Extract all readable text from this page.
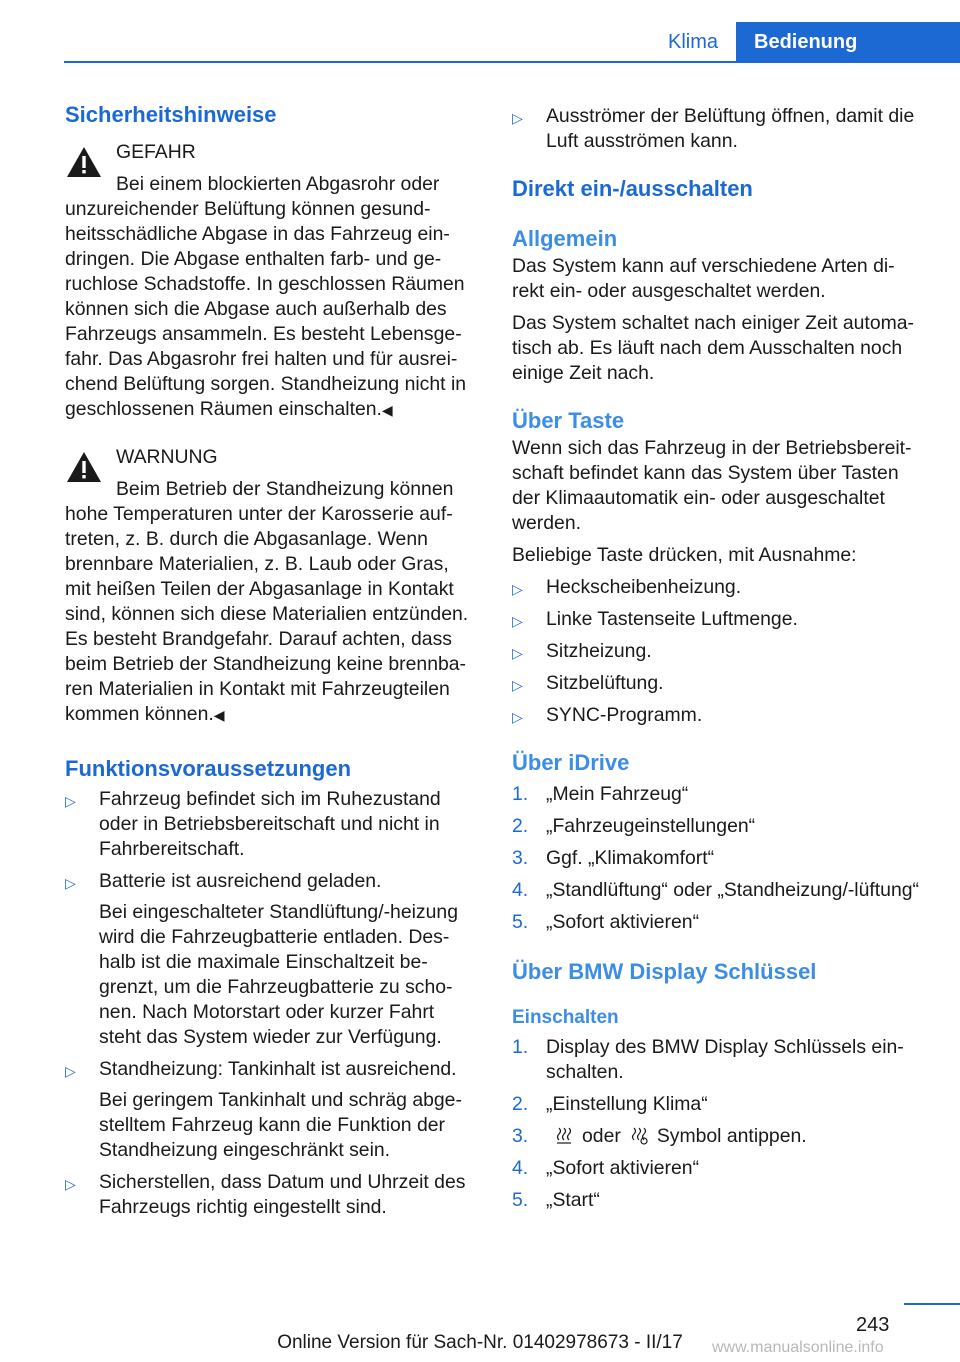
Klima	Bedienung
Sicherheitshinweise

GEFAHR

Bei einem blockierten Abgasrohr oder unzureichender Belüftung können gesund‐heitsschädliche Abgase in das Fahrzeug ein‐dringen. Die Abgase enthalten farb- und ge‐ruchlose Schadstoffe. In geschlossen Räumen können sich die Abgase auch außerhalb des Fahrzeugs ansammeln. Es besteht Lebensge‐fahr. Das Abgasrohr frei halten und für ausrei‐chend Belüftung sorgen. Standheizung nicht in geschlossenen Räumen einschalten.◀

WARNUNG

Beim Betrieb der Standheizung können hohe Temperaturen unter der Karosserie auf‐treten, z. B. durch die Abgasanlage. Wenn brennbare Materialien, z. B. Laub oder Gras, mit heißen Teilen der Abgasanlage in Kontakt sind, können sich diese Materialien entzünden. Es besteht Brandgefahr. Darauf achten, dass beim Betrieb der Standheizung keine brennba‐ren Materialien in Kontakt mit Fahrzeugteilen kommen können.◀

Funktionsvoraussetzungen
▷ Fahrzeug befindet sich im Ruhezustand oder in Betriebsbereitschaft und nicht in Fahrbereitschaft.
▷ Batterie ist ausreichend geladen.

Bei eingeschalteter Standlüftung/-heizung wird die Fahrzeugbatterie entladen. Des‐halb ist die maximale Einschaltzeit be‐grenzt, um die Fahrzeugbatterie zu scho‐nen. Nach Motorstart oder kurzer Fahrt steht das System wieder zur Verfügung.

▷ Standheizung: Tankinhalt ist ausreichend.

Bei geringem Tankinhalt und schräg abge‐stelltem Fahrzeug kann die Funktion der Standheizung eingeschränkt sein.

▷ Sicherstellen, dass Datum und Uhrzeit des Fahrzeugs richtig eingestellt sind.
▷ Ausströmer der Belüftung öffnen, damit die Luft ausströmen kann.
Direkt ein-/ausschalten
Allgemein

Das System kann auf verschiedene Arten di‐rekt ein- oder ausgeschaltet werden.

Das System schaltet nach einiger Zeit automa‐tisch ab. Es läuft nach dem Ausschalten noch einige Zeit nach.

Über Taste

Wenn sich das Fahrzeug in der Betriebsbereit‐schaft befindet kann das System über Tasten der Klimaautomatik ein- oder ausgeschaltet werden.

Beliebige Taste drücken, mit Ausnahme:

▷ Heckscheibenheizung.
▷ Linke Tastenseite Luftmenge.
▷ Sitzheizung.
▷ Sitzbelüftung.
▷ SYNC-Programm.
Über iDrive
1. „Mein Fahrzeug“
2. „Fahrzeugeinstellungen“
3. Ggf. „Klimakomfort“
4. „Standlüftung“ oder „Standheizung/-lüftung“
5. „Sofort aktivieren“
Über BMW Display Schlüssel
Einschalten
1. Display des BMW Display Schlüssels ein‐schalten.
2. „Einstellung Klima“
3.	oder Symbol antippen.
4. „Sofort aktivieren“
5. „Start“
243
www.manualsonline.info
Online Version für Sach-Nr. 01402978673 - II/17
